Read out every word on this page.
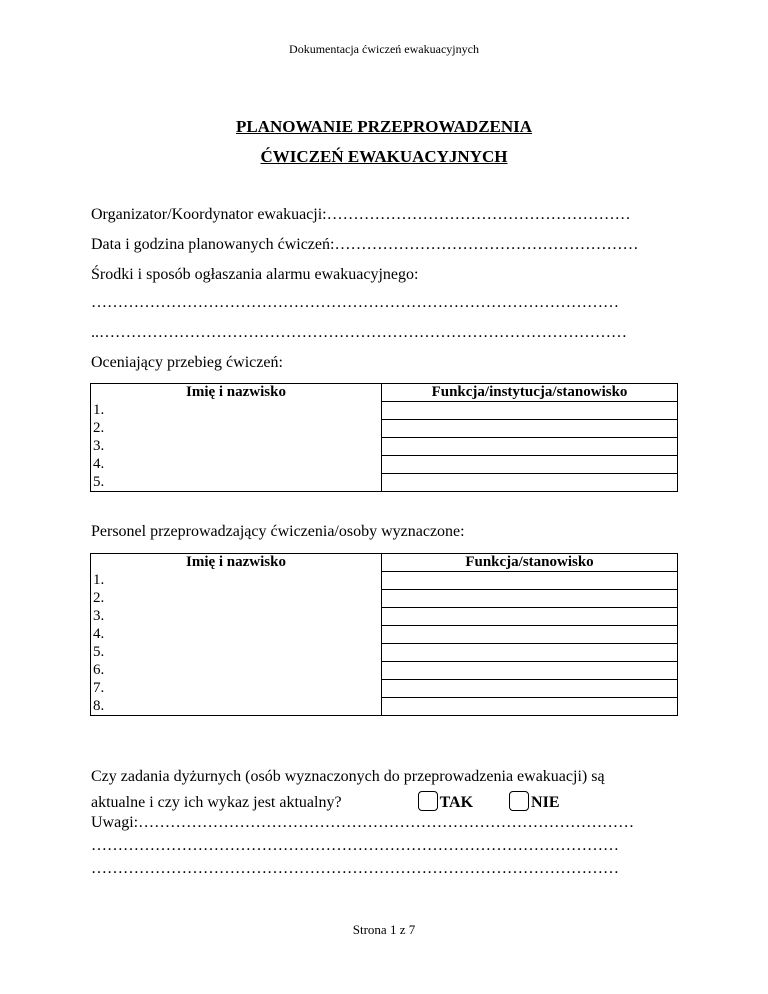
Dokumentacja ćwiczeń ewakuacyjnych
PLANOWANIE PRZEPROWADZENIA
ĆWICZEŃ EWAKUACYJNYCH
Organizator/Koordynator ewakuacji:…………………………………………………
Data i godzina planowanych ćwiczeń:…………………………………………………
Środki i sposób ogłaszania alarmu ewakuacyjnego:
………………………………………………………………………………………
..………………………………………………………………………………………
Oceniający przebieg ćwiczeń:
Imię i nazwisko	Funkcja/instytucja/stanowisko
1.	
2.	
3.	
4.	
5.	
Personel przeprowadzający ćwiczenia/osoby wyznaczone:
Imię i nazwisko	Funkcja/stanowisko
1.	
2.	
3.	
4.	
5.	
6.	
7.	
8.	
Czy zadania dyżurnych (osób wyznaczonych do przeprowadzenia ewakuacji) są
aktualne i czy ich wykaz jest aktualny?	TAK	NIE
Uwagi:…………………………………………………………………………………
………………………………………………………………………………………
………………………………………………………………………………………
Strona 1 z 7
